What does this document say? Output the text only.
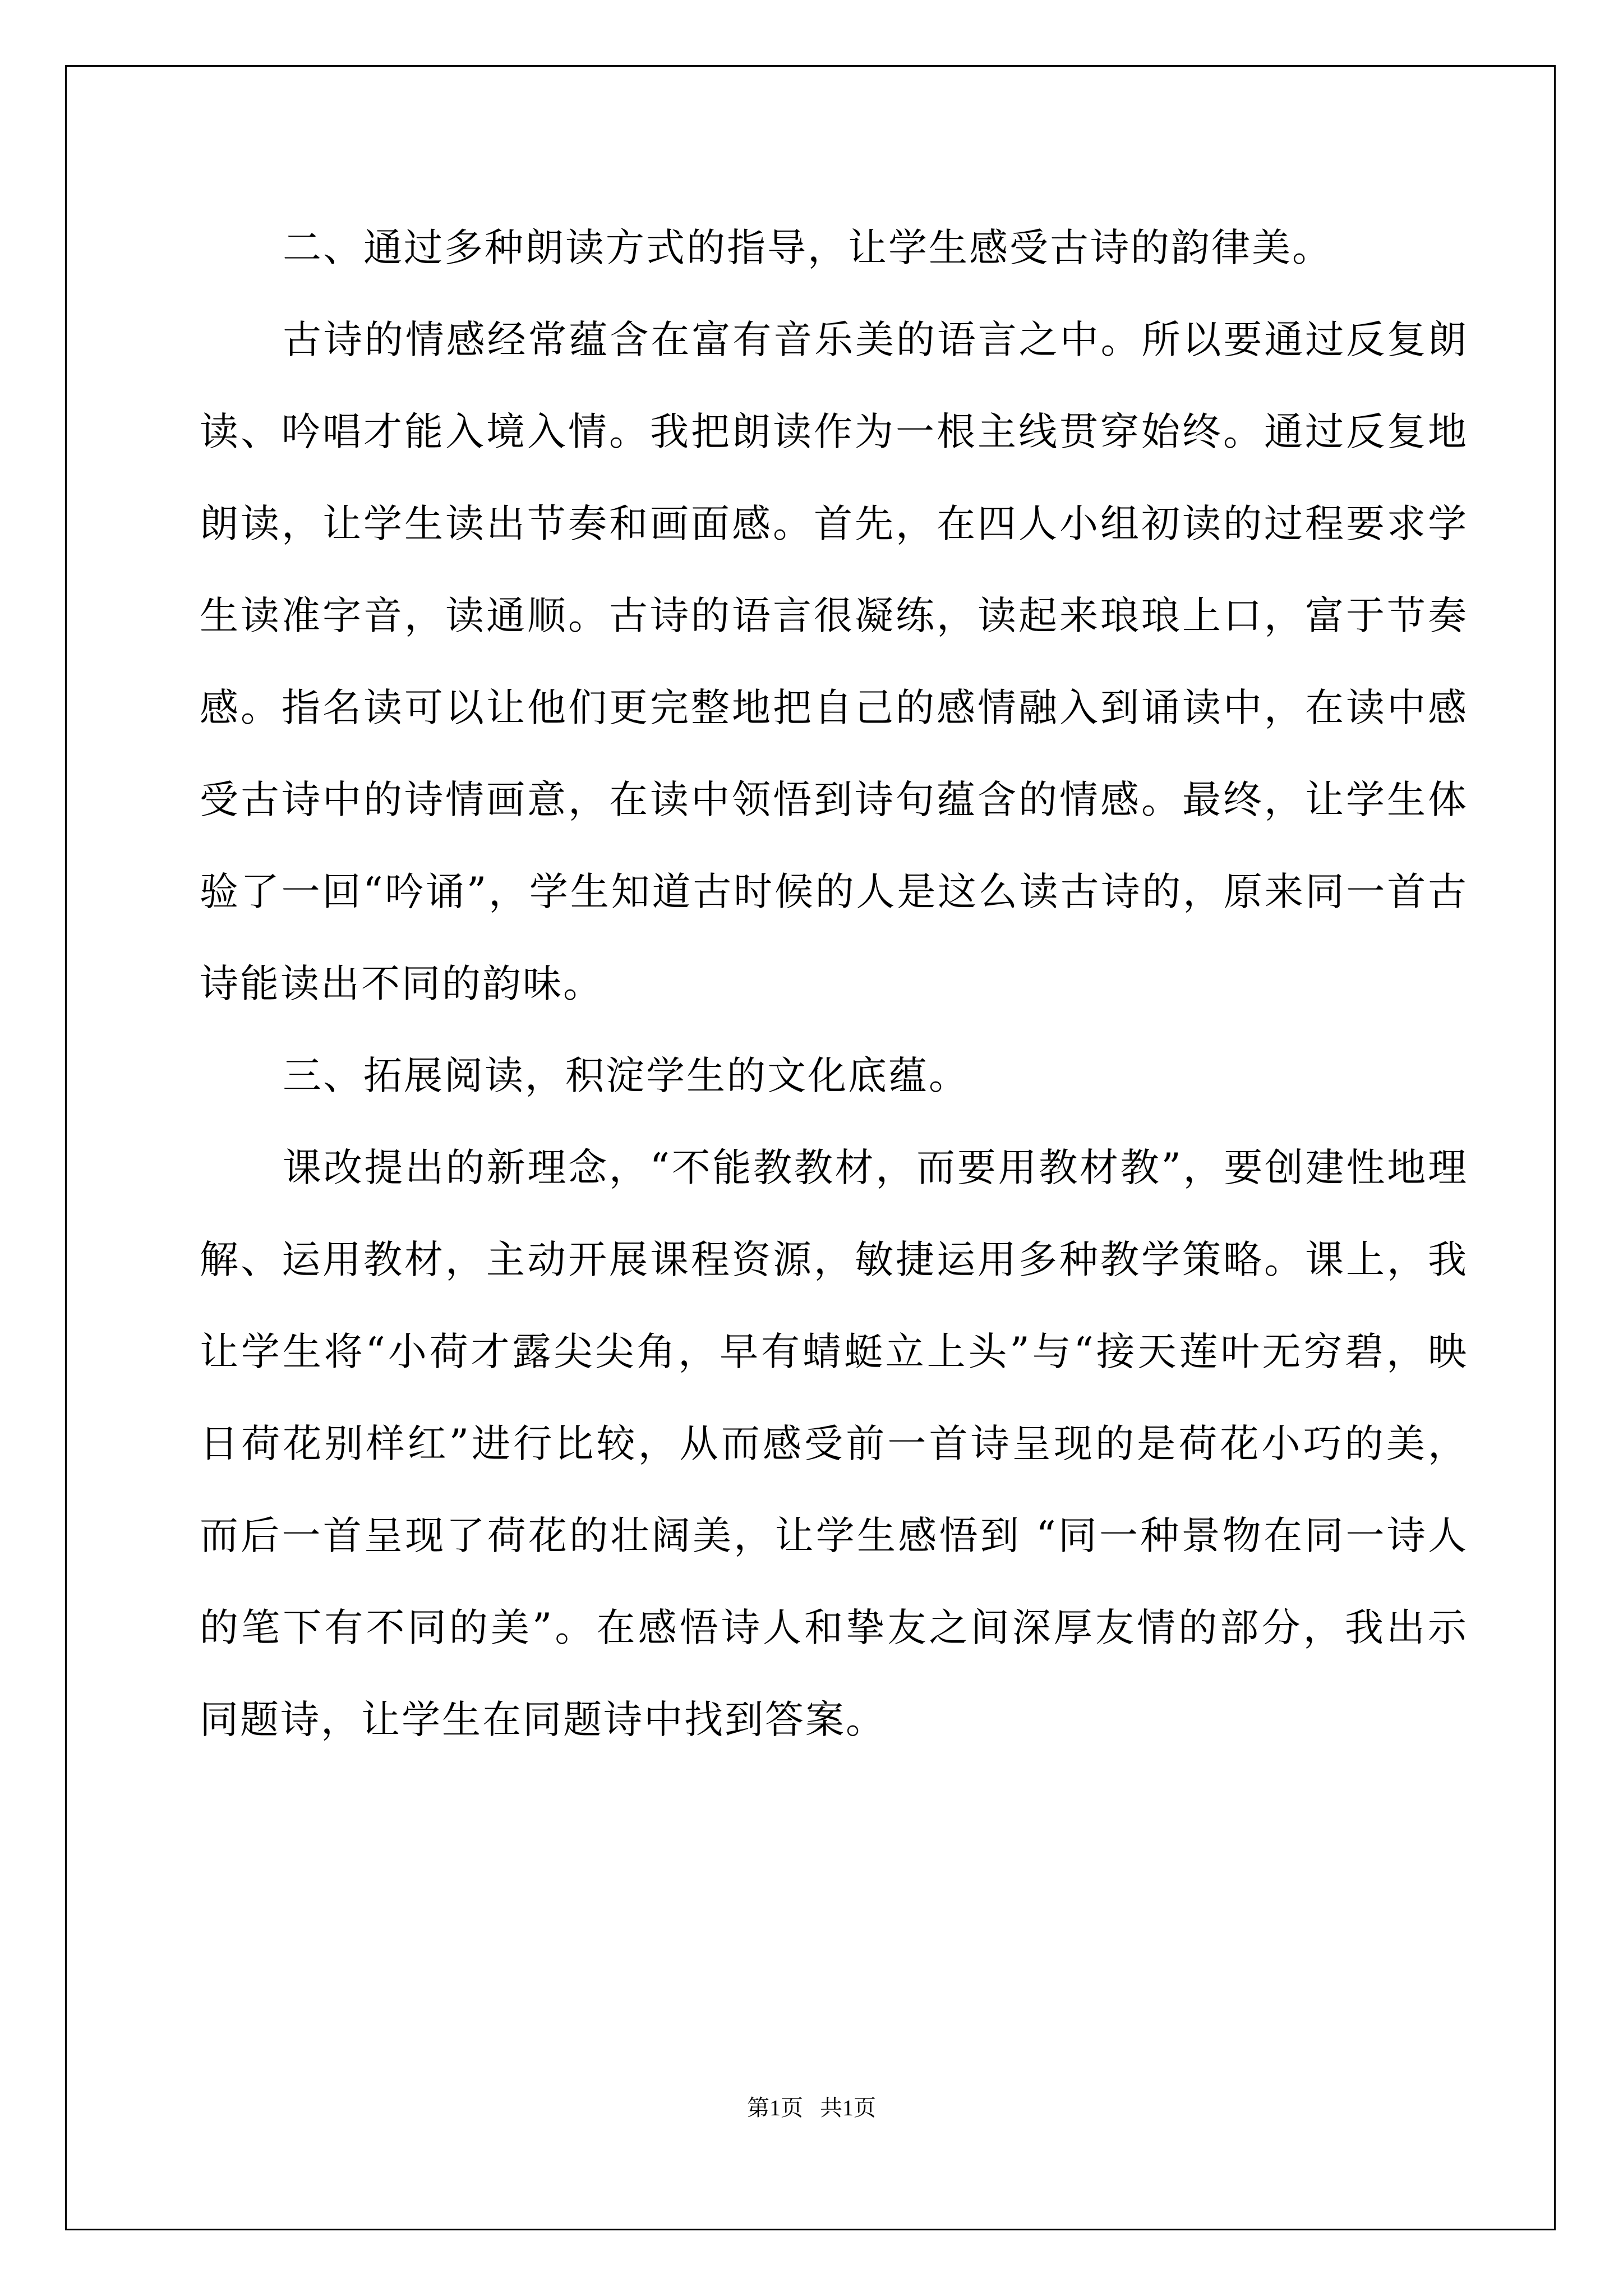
二、通过多种朗读方式的指导，让学生感受古诗的韵律美。

古诗的情感经常蕴含在富有音乐美的语言之中。所以要通过反复朗读、吟唱才能入境入情。我把朗读作为一根主线贯穿始终。通过反复地朗读，让学生读出节奏和画面感。首先，在四人小组初读的过程要求学生读准字音，读通顺。古诗的语言很凝练，读起来琅琅上口，富于节奏感。指名读可以让他们更完整地把自己的感情融入到诵读中，在读中感受古诗中的诗情画意，在读中领悟到诗句蕴含的情感。最终，让学生体验了一回“吟诵”，学生知道古时候的人是这么读古诗的，原来同一首古诗能读出不同的韵味。

三、拓展阅读，积淀学生的文化底蕴。

课改提出的新理念，“不能教教材，而要用教材教”，要创建性地理解、运用教材，主动开展课程资源，敏捷运用多种教学策略。课上，我让学生将“小荷才露尖尖角，早有蜻蜓立上头”与“接天莲叶无穷碧，映日荷花别样红”进行比较，从而感受前一首诗呈现的是荷花小巧的美，而后一首呈现了荷花的壮阔美，让学生感悟到 “同一种景物在同一诗人的笔下有不同的美”。在感悟诗人和挚友之间深厚友情的部分，我出示同题诗，让学生在同题诗中找到答案。

第1页 共1页
